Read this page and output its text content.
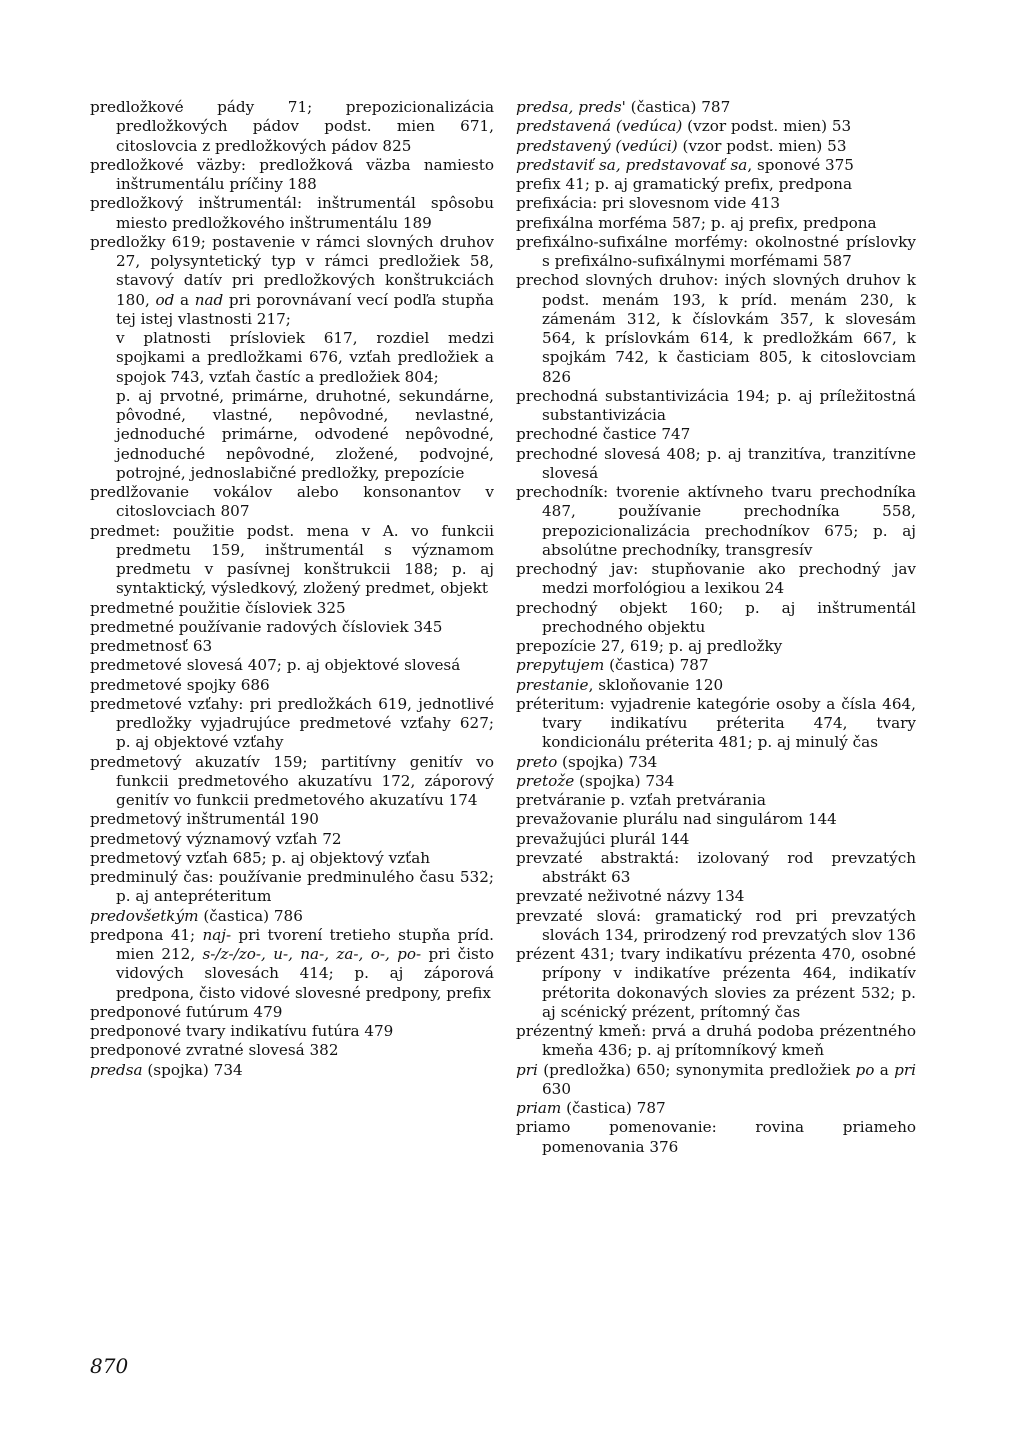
predložkové pády 71; prepozicionalizácia predložkových pádov podst. mien 671, citoslovcia z predložkových pádov 825
predložkové väzby: predložková väzba namiesto inštrumentálu príčiny 188
predložkový inštrumentál: inštrumentál spôsobu miesto predložkového inštrumentálu 189
predložky 619; postavenie v rámci slovných druhov 27, polysyntetický typ v rámci predložiek 58, stavový datív pri predložkových konštrukciách 180, od a nad pri porovnávaní vecí podľa stupňa tej istej vlastnosti 217;
v platnosti prísloviek 617, rozdiel medzi spojkami a predložkami 676, vzťah predložiek a spojok 743, vzťah častíc a predložiek 804;
p. aj prvotné, primárne, druhotné, sekundárne, pôvodné, vlastné, nepôvodné, nevlastné, jednoduché primárne, odvodené nepôvodné, jednoduché nepôvodné, zložené, podvojné, potrojné, jednoslabičné predložky, prepozície
predlžovanie vokálov alebo konsonantov v citoslovciach 807
predmet: použitie podst. mena v A. vo funkcii predmetu 159, inštrumentál s významom predmetu v pasívnej konštrukcii 188; p. aj syntaktický, výsledkový, zložený predmet, objekt
predmetné použitie čísloviek 325
predmetné používanie radových čísloviek 345
predmetnosť 63
predmetové slovesá 407; p. aj objektové slovesá
predmetové spojky 686
predmetové vzťahy: pri predložkách 619, jednotlivé predložky vyjadrujúce predmetové vzťahy 627; p. aj objektové vzťahy
predmetový akuzatív 159; partitívny genitív vo funkcii predmetového akuzatívu 172, záporový genitív vo funkcii predmetového akuzatívu 174
predmetový inštrumentál 190
predmetový významový vzťah 72
predmetový vzťah 685; p. aj objektový vzťah
predminulý čas: používanie predminulého času 532; p. aj antepréteritum
predovšetkým (častica) 786
predpona 41; naj- pri tvorení tretieho stupňa príd. mien 212, s-/z-/zo-, u-, na-, za-, o-, po- pri čisto vidových slovesách 414; p. aj záporová predpona, čisto vidové slovesné predpony, prefix
predponové futúrum 479
predponové tvary indikatívu futúra 479
predponové zvratné slovesá 382
predsa (spojka) 734
predsa, preds' (častica) 787
predstavená (vedúca) (vzor podst. mien) 53
predstavený (vedúci) (vzor podst. mien) 53
predstaviť sa, predstavovať sa, sponové 375
prefix 41; p. aj gramatický prefix, predpona
prefixácia: pri slovesnom vide 413
prefixálna morféma 587; p. aj prefix, predpona
prefixálno-sufixálne morfémy: okolnostné príslovky s prefixálno-sufixálnymi morfémami 587
prechod slovných druhov: iných slovných druhov k podst. menám 193, k príd. menám 230, k zámenám 312, k číslovkám 357, k slovesám 564, k príslovkám 614, k predložkám 667, k spojkám 742, k časticiam 805, k citoslovciam 826
prechodná substantivizácia 194; p. aj príležitostná substantivizácia
prechodné častice 747
prechodné slovesá 408; p. aj tranzitíva, tranzitívne slovesá
prechodník: tvorenie aktívneho tvaru prechodníka 487, používanie prechodníka 558, prepozicionalizácia prechodníkov 675; p. aj absolútne prechodníky, transgresív
prechodný jav: stupňovanie ako prechodný jav medzi morfológiou a lexikou 24
prechodný objekt 160; p. aj inštrumentál prechodného objektu
prepozície 27, 619; p. aj predložky
prepytujem (častica) 787
prestanie, skloňovanie 120
préteritum: vyjadrenie kategórie osoby a čísla 464, tvary indikatívu préterita 474, tvary kondicionálu préterita 481; p. aj minulý čas
preto (spojka) 734
pretože (spojka) 734
pretváranie p. vzťah pretvárania
prevažovanie plurálu nad singulárom 144
prevažujúci plurál 144
prevzaté abstraktá: izolovaný rod prevzatých abstrákt 63
prevzaté neživotné názvy 134
prevzaté slová: gramatický rod pri prevzatých slovách 134, prirodzený rod prevzatých slov 136
prézent 431; tvary indikatívu prézenta 470, osobné prípony v indikatíve prézenta 464, indikatív prétorita dokonavých slovies za prézent 532; p. aj scénický prézent, prítomný čas
prézentný kmeň: prvá a druhá podoba prézentného kmeňa 436; p. aj prítomníkový kmeň
pri (predložka) 650; synonymita predložiek po a pri 630
priam (častica) 787
priamo pomenovanie: rovina priameho pomenovania 376
870
